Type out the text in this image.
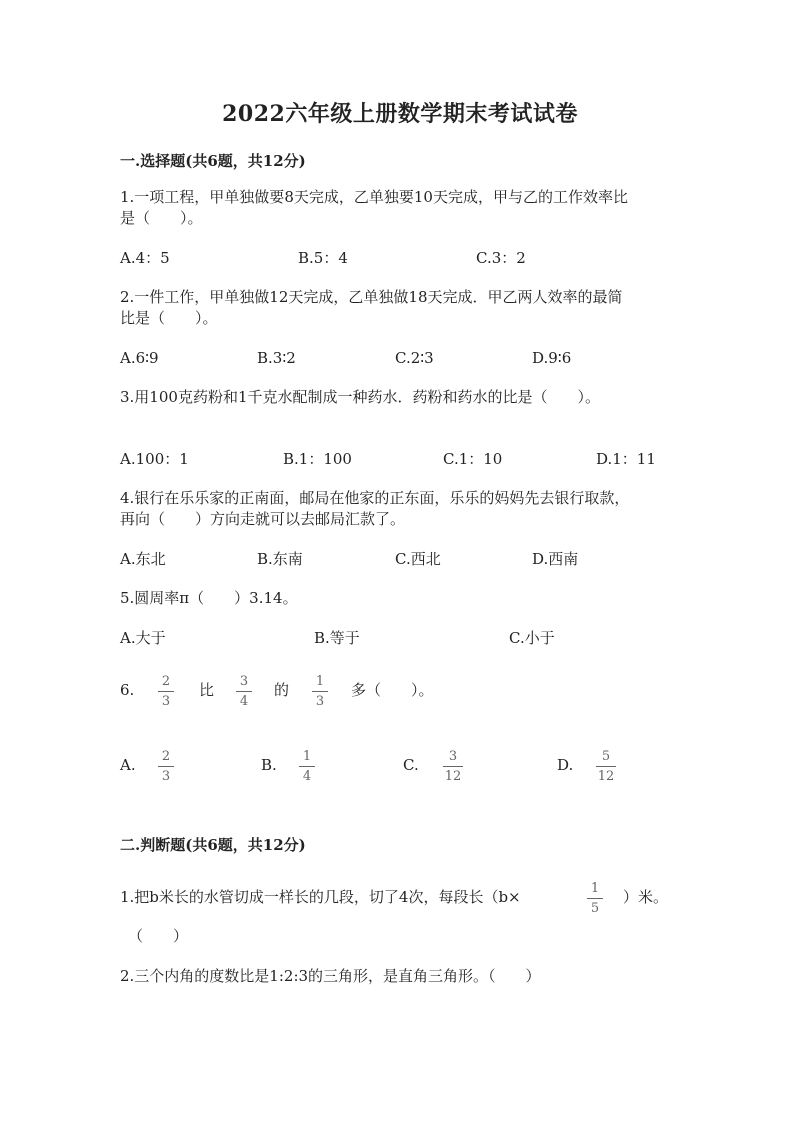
2022六年级上册数学期末考试试卷
一.选择题(共6题，共12分)
1.一项工程，甲单独做要8天完成，乙单独要10天完成，甲与乙的工作效率比
是（　　）。
A.4：5	B.5：4	C.3：2
2.一件工作，甲单独做12天完成，乙单独做18天完成．甲乙两人效率的最简
比是（　　）。
A.6∶9	B.3∶2	C.2∶3	D.9∶6
3.用100克药粉和1千克水配制成一种药水．药粉和药水的比是（　　）。
A.100：1	B.1：100	C.1：10	D.1：11
4.银行在乐乐家的正南面，邮局在他家的正东面，乐乐的妈妈先去银行取款，
再向（　　）方向走就可以去邮局汇款了。
A.东北	B.东南	C.西北	D.西南
5.圆周率π（　　）3.14。
A.大于	B.等于	C.小于
6. 2
3
比 3
4
的 1
3
多（　　）。
A. 2
3
B. 1
4
C.	3
12
D.	5
12
二.判断题(共6题，共12分)
1.把b米长的水管切成一样长的几段，切了4次，每段长（b×	1
5
）米。
（　　）
2.三个内角的度数比是1:2:3的三角形，是直角三角形。（　　）
